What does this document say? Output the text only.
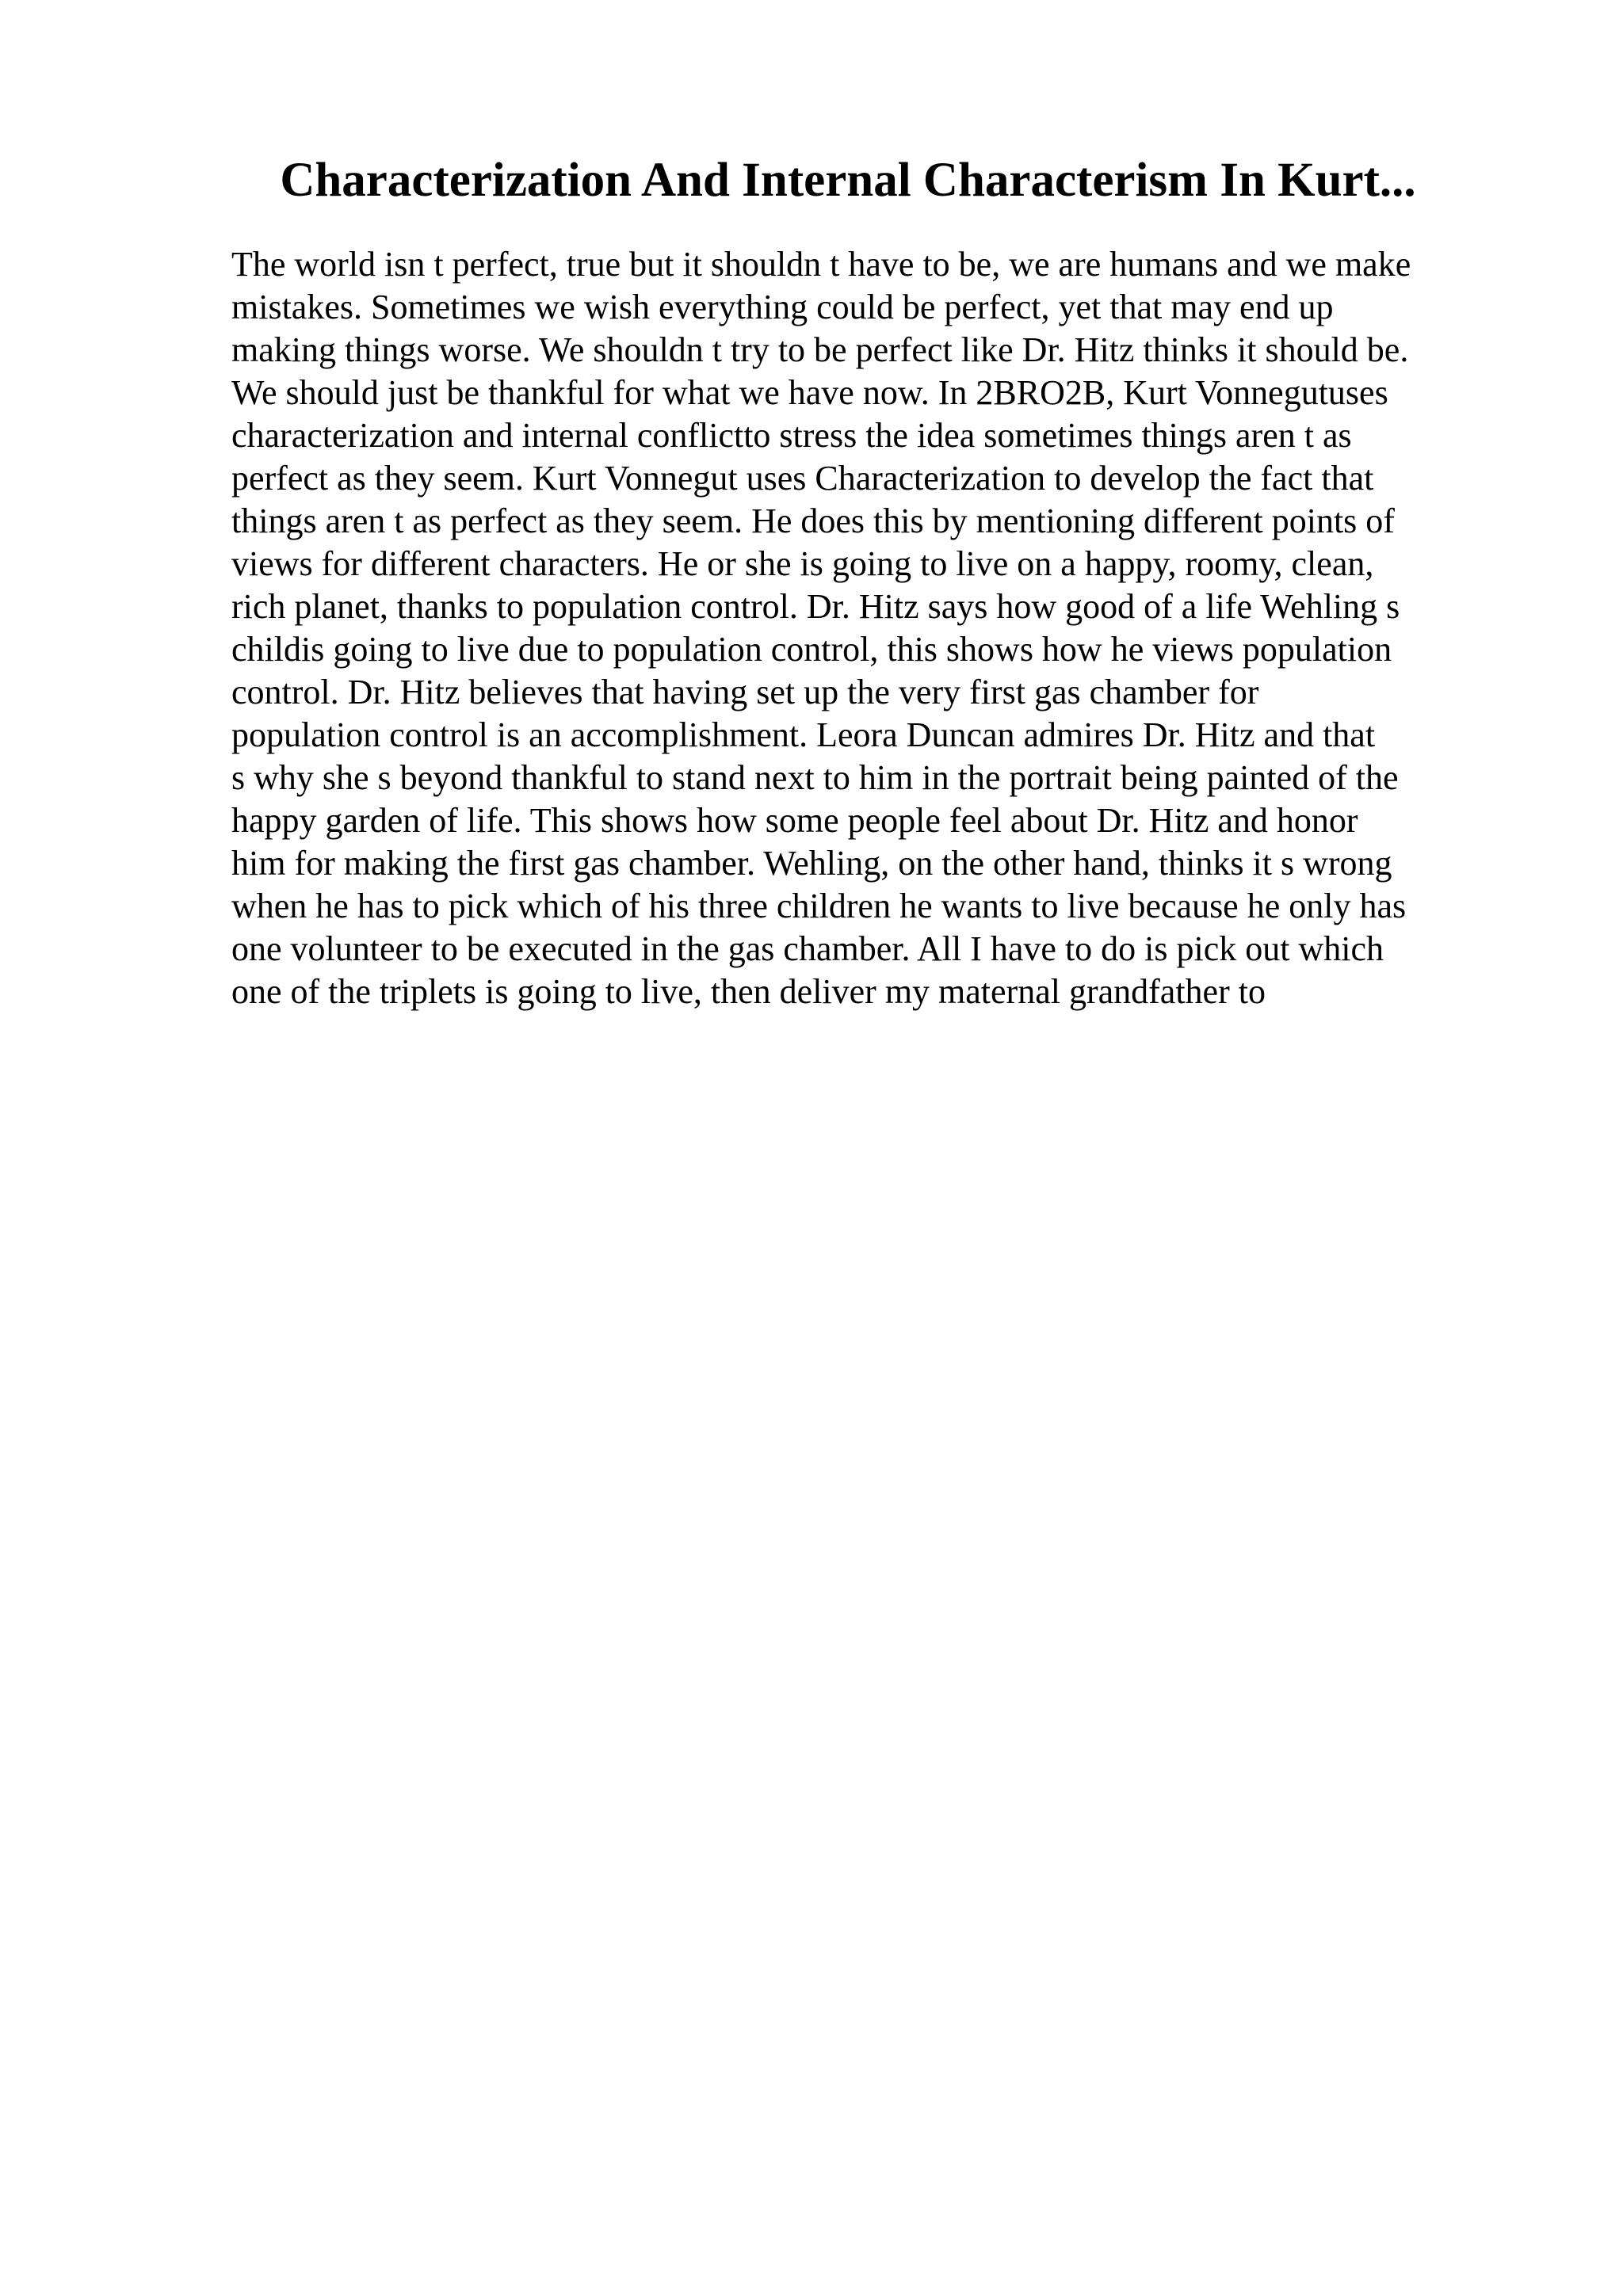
Characterization And Internal Characterism In Kurt...
The world isn t perfect, true but it shouldn t have to be, we are humans and we make
mistakes. Sometimes we wish everything could be perfect, yet that may end up
making things worse. We shouldn t try to be perfect like Dr. Hitz thinks it should be.
We should just be thankful for what we have now. In 2BRO2B, Kurt Vonnegutuses
characterization and internal conflictto stress the idea sometimes things aren t as
perfect as they seem. Kurt Vonnegut uses Characterization to develop the fact that
things aren t as perfect as they seem. He does this by mentioning different points of
views for different characters. He or she is going to live on a happy, roomy, clean,
rich planet, thanks to population control. Dr. Hitz says how good of a life Wehling s
childis going to live due to population control, this shows how he views population
control. Dr. Hitz believes that having set up the very first gas chamber for
population control is an accomplishment. Leora Duncan admires Dr. Hitz and that
s why she s beyond thankful to stand next to him in the portrait being painted of the
happy garden of life. This shows how some people feel about Dr. Hitz and honor
him for making the first gas chamber. Wehling, on the other hand, thinks it s wrong
when he has to pick which of his three children he wants to live because he only has
one volunteer to be executed in the gas chamber. All I have to do is pick out which
one of the triplets is going to live, then deliver my maternal grandfather to
